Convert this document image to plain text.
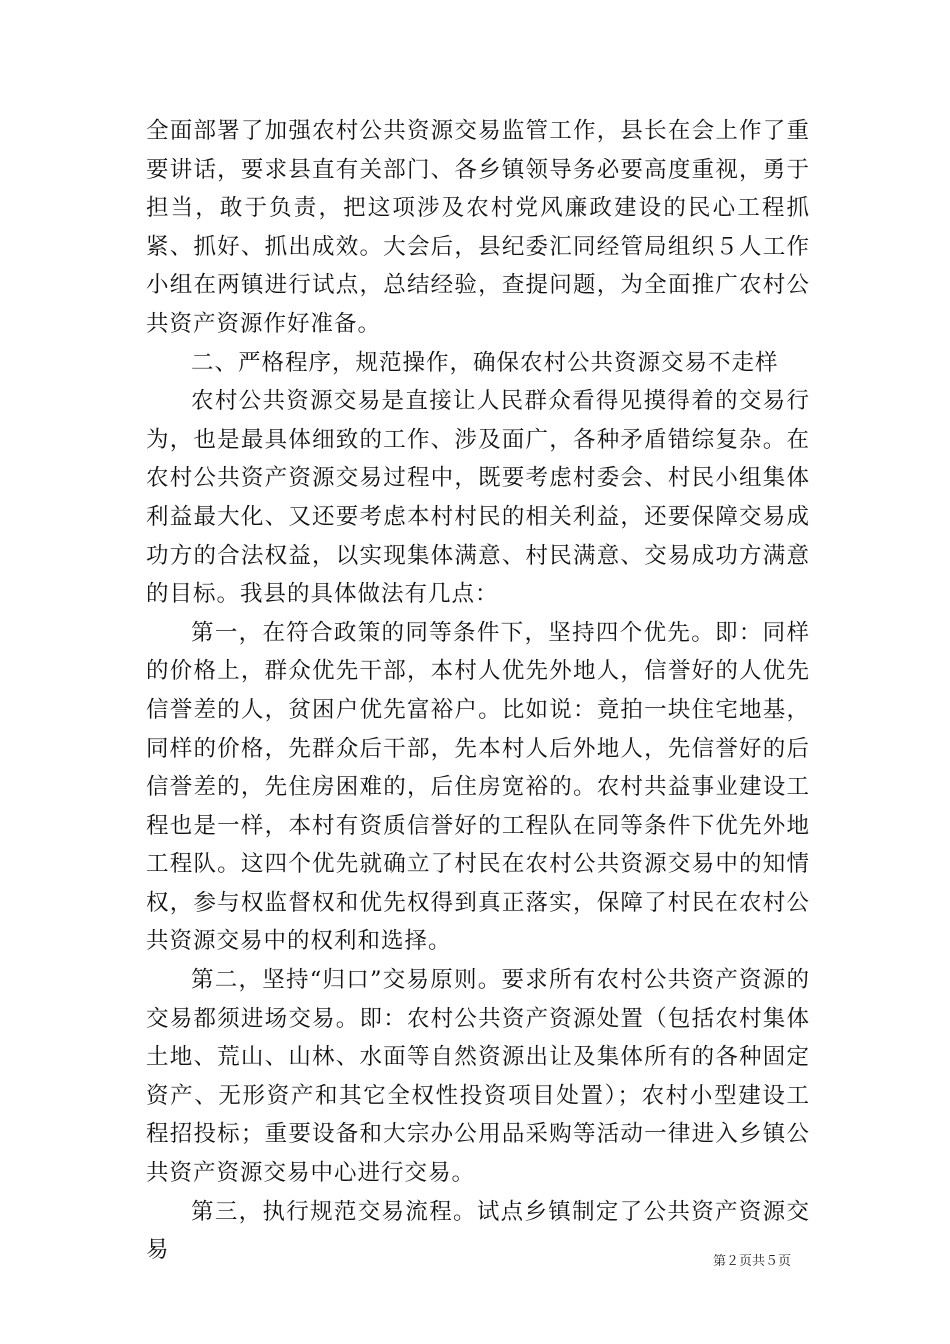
全面部署了加强农村公共资源交易监管工作，县长在会上作了重要讲话，要求县直有关部门、各乡镇领导务必要高度重视，勇于担当，敢于负责，把这项涉及农村党风廉政建设的民心工程抓紧、抓好、抓出成效。大会后，县纪委汇同经管局组织５人工作小组在两镇进行试点，总结经验，查提问题，为全面推广农村公共资产资源作好准备。

二、严格程序，规范操作，确保农村公共资源交易不走样

农村公共资源交易是直接让人民群众看得见摸得着的交易行为，也是最具体细致的工作、涉及面广，各种矛盾错综复杂。在农村公共资产资源交易过程中，既要考虑村委会、村民小组集体利益最大化、又还要考虑本村村民的相关利益，还要保障交易成功方的合法权益，以实现集体满意、村民满意、交易成功方满意的目标。我县的具体做法有几点：

第一，在符合政策的同等条件下，坚持四个优先。即：同样的价格上，群众优先干部，本村人优先外地人，信誉好的人优先信誉差的人，贫困户优先富裕户。比如说：竟拍一块住宅地基，同样的价格，先群众后干部，先本村人后外地人，先信誉好的后信誉差的，先住房困难的，后住房宽裕的。农村共益事业建设工程也是一样，本村有资质信誉好的工程队在同等条件下优先外地工程队。这四个优先就确立了村民在农村公共资源交易中的知情权，参与权监督权和优先权得到真正落实，保障了村民在农村公共资源交易中的权利和选择。

第二，坚持“归口”交易原则。要求所有农村公共资产资源的交易都须进场交易。即：农村公共资产资源处置（包括农村集体土地、荒山、山林、水面等自然资源出让及集体所有的各种固定资产、无形资产和其它全权性投资项目处置）；农村小型建设工程招投标；重要设备和大宗办公用品采购等活动一律进入乡镇公共资产资源交易中心进行交易。

第三，执行规范交易流程。试点乡镇制定了公共资产资源交易	第２页共５页
